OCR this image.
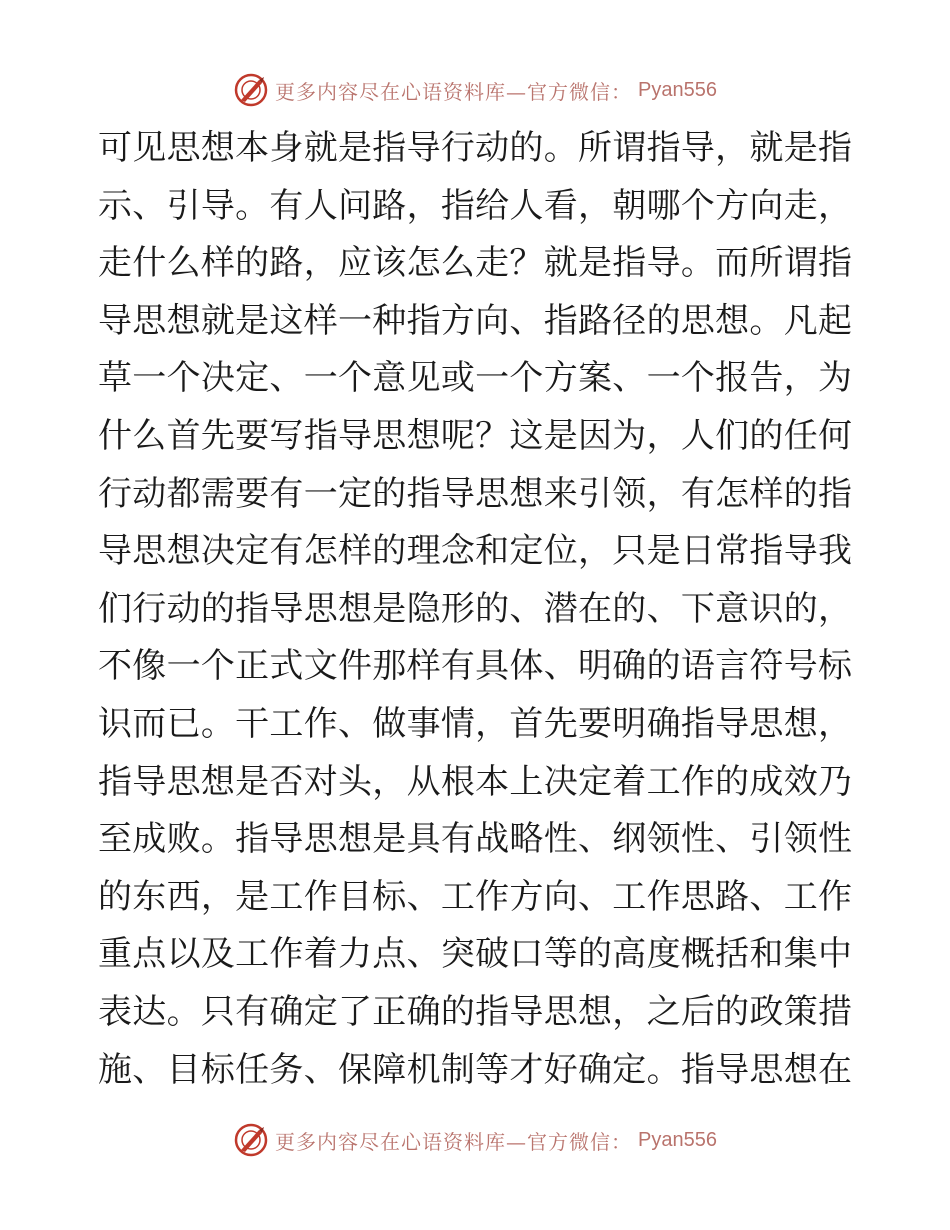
更多内容尽在心语资料库—官方微信： Pyan556
可见思想本身就是指导行动的。所谓指导，就是指
示、引导。有人问路，指给人看，朝哪个方向走，
走什么样的路，应该怎么走？就是指导。而所谓指
导思想就是这样一种指方向、指路径的思想。凡起
草一个决定、一个意见或一个方案、一个报告，为
什么首先要写指导思想呢？这是因为，人们的任何
行动都需要有一定的指导思想来引领，有怎样的指
导思想决定有怎样的理念和定位，只是日常指导我
们行动的指导思想是隐形的、潜在的、下意识的，
不像一个正式文件那样有具体、明确的语言符号标
识而已。干工作、做事情，首先要明确指导思想，
指导思想是否对头，从根本上决定着工作的成效乃
至成败。指导思想是具有战略性、纲领性、引领性
的东西，是工作目标、工作方向、工作思路、工作
重点以及工作着力点、突破口等的高度概括和集中
表达。只有确定了正确的指导思想，之后的政策措
施、目标任务、保障机制等才好确定。指导思想在
更多内容尽在心语资料库—官方微信： Pyan556
